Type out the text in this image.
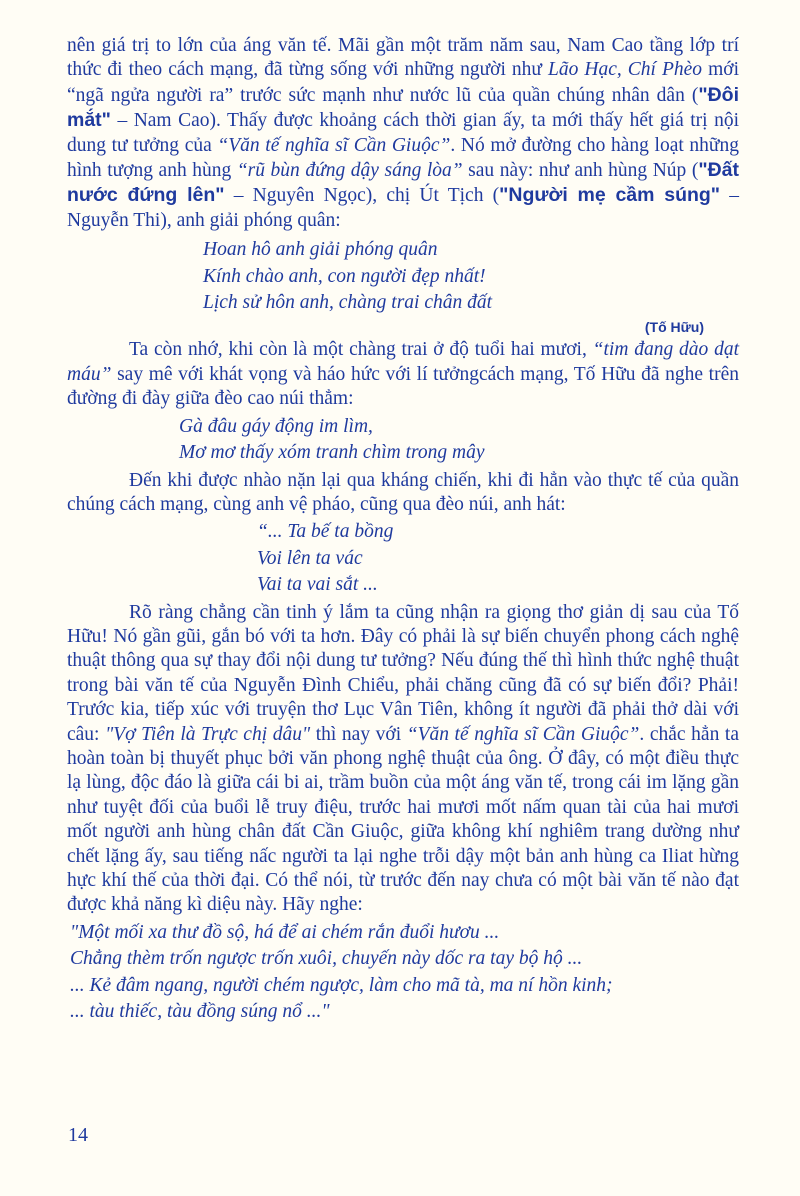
nên giá trị to lớn của áng văn tế. Mãi gần một trăm năm sau, Nam Cao tầng lớp trí thức đi theo cách mạng, đã từng sống với những người như Lão Hạc, Chí Phèo mới “ngã ngửa người ra” trước sức mạnh như nước lũ của quần chúng nhân dân ("Đôi mắt" – Nam Cao). Thấy được khoảng cách thời gian ấy, ta mới thấy hết giá trị nội dung tư tưởng của “Văn tế nghĩa sĩ Cần Giuộc”. Nó mở đường cho hàng loạt những hình tượng anh hùng “rũ bùn đứng dậy sáng lòa” sau này: như anh hùng Núp ("Đất nước đứng lên" – Nguyên Ngọc), chị Út Tịch ("Người mẹ cầm súng" – Nguyễn Thi), anh giải phóng quân:

Hoan hô anh giải phóng quân
Kính chào anh, con người đẹp nhất!
Lịch sử hôn anh, chàng trai chân đất
(Tố Hữu)

Ta còn nhớ, khi còn là một chàng trai ở độ tuổi hai mươi, “tim đang dào dạt máu” say mê với khát vọng và háo hức với lí tưởngcách mạng, Tố Hữu đã nghe trên đường đi đày giữa đèo cao núi thẳm:

Gà đâu gáy động im lìm,
Mơ mơ thấy xóm tranh chìm trong mây

Đến khi được nhào nặn lại qua kháng chiến, khi đi hẳn vào thực tế của quần chúng cách mạng, cùng anh vệ pháo, cũng qua đèo núi, anh hát:

“... Ta bế ta bồng
Voi lên ta vác
Vai ta vai sắt ...

Rõ ràng chẳng cần tinh ý lắm ta cũng nhận ra giọng thơ giản dị sau của Tố Hữu! Nó gần gũi, gắn bó với ta hơn. Đây có phải là sự biến chuyển phong cách nghệ thuật thông qua sự thay đổi nội dung tư tưởng? Nếu đúng thế thì hình thức nghệ thuật trong bài văn tế của Nguyễn Đình Chiểu, phải chăng cũng đã có sự biến đổi? Phải! Trước kia, tiếp xúc với truyện thơ Lục Vân Tiên, không ít người đã phải thở dài với câu: "Vợ Tiên là Trực chị dâu" thì nay với “Văn tế nghĩa sĩ Cần Giuộc”. chắc hẳn ta hoàn toàn bị thuyết phục bởi văn phong nghệ thuật của ông. Ở đây, có một điều thực lạ lùng, độc đáo là giữa cái bi ai, trầm buồn của một áng văn tế, trong cái im lặng gần như tuyệt đối của buổi lễ truy điệu, trước hai mươi mốt nấm quan tài của hai mươi mốt người anh hùng chân đất Cần Giuộc, giữa không khí nghiêm trang dường như chết lặng ấy, sau tiếng nấc người ta lại nghe trỗi dậy một bản anh hùng ca Iliat hừng hực khí thế của thời đại. Có thể nói, từ trước đến nay chưa có một bài văn tế nào đạt được khả năng kì diệu này. Hãy nghe:

"Một mối xa thư đồ sộ, há để ai chém rắn đuổi hươu ...
Chẳng thèm trốn ngược trốn xuôi, chuyến này dốc ra tay bộ hộ ...
... Kẻ đâm ngang, người chém ngược, làm cho mã tà, ma ní hồn kinh;
... tàu thiếc, tàu đồng súng nổ ..."
14
